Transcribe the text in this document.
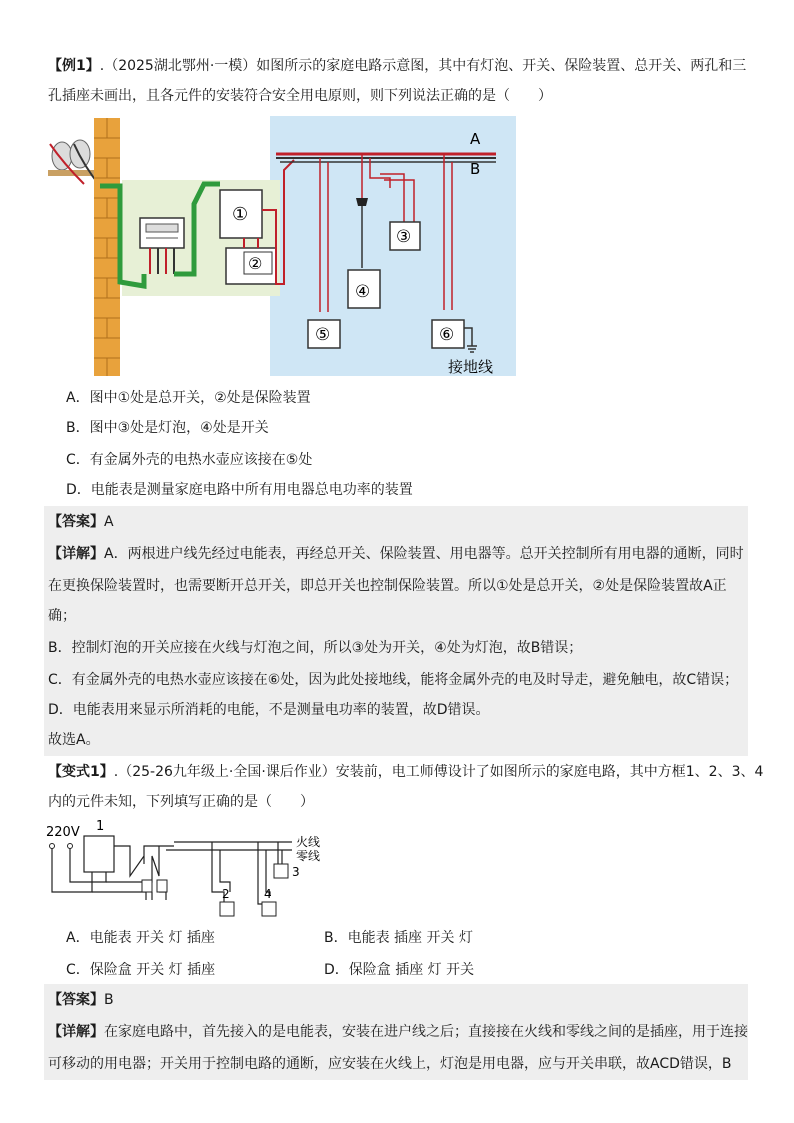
【例1】.（2025湖北鄂州·一模）如图所示的家庭电路示意图，其中有灯泡、开关、保险装置、总开关、两孔和三
孔插座未画出，且各元件的安装符合安全用电原则，则下列说法正确的是（　　）
①
②
A
B
⑤
④
③
⑥
接地线
A．图中①处是总开关，②处是保险装置
B．图中③处是灯泡，④处是开关
C．有金属外壳的电热水壶应该接在⑤处
D．电能表是测量家庭电路中所有用电器总电功率的装置
【答案】A
【详解】A．两根进户线先经过电能表，再经总开关、保险装置、用电器等。总开关控制所有用电器的通断，同时
在更换保险装置时，也需要断开总开关，即总开关也控制保险装置。所以①处是总开关，②处是保险装置故A正
确；
B．控制灯泡的开关应接在火线与灯泡之间，所以③处为开关，④处为灯泡，故B错误；
C．有金属外壳的电热水壶应该接在⑥处，因为此处接地线，能将金属外壳的电及时导走，避免触电，故C错误；
D．电能表用来显示所消耗的电能，不是测量电功率的装置，故D错误。
故选A。
【变式1】.（25-26九年级上·全国·课后作业）安装前，电工师傅设计了如图所示的家庭电路，其中方框1、2、3、4
内的元件未知，下列填写正确的是（　　）
220V 1
2	4
3
火线
零线
A．电能表 开关 灯 插座	B．电能表 插座 开关 灯
C．保险盒 开关 灯 插座	D．保险盒 插座 灯 开关
【答案】B
【详解】在家庭电路中，首先接入的是电能表，安装在进户线之后；直接接在火线和零线之间的是插座，用于连接
可移动的用电器；开关用于控制电路的通断，应安装在火线上，灯泡是用电器，应与开关串联，故ACD错误，B
